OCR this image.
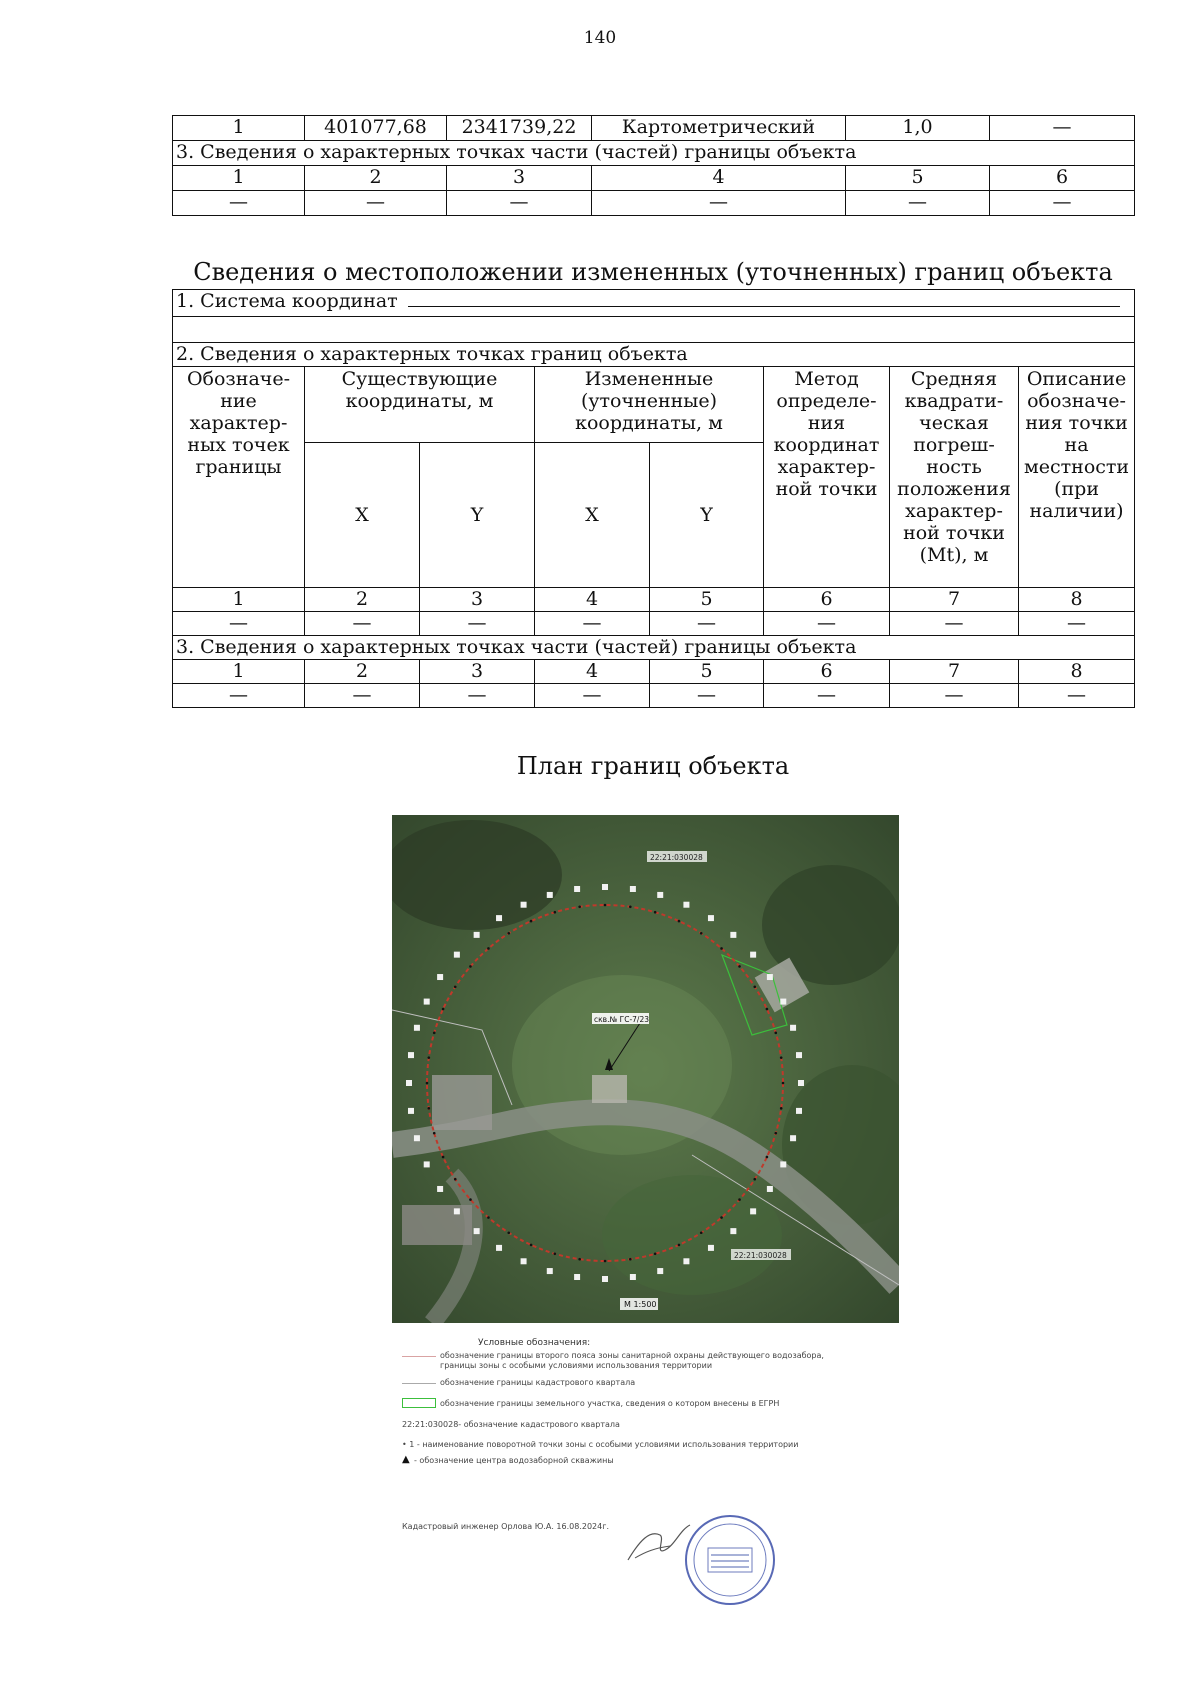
140
1	401077,68	2341739,22	Картометрический	1,0	—
3. Сведения о характерных точках части (частей) границы объекта					
1	2	3	4	5	6
—	—	—	—	—	—
Сведения о местоположении измененных (уточненных) границ объекта
1. Система координат							

2. Сведения о характерных точках границ объекта							
Обозначе-ние характер-ных точек границы	Существующие координаты, м		Измененные (уточненные) координаты, м		Метод определе-ния координат характер-ной точки	Средняя квадрати-ческая погреш-ность положения характер-ной точки (Mt), м	Описание обозначе-ния точки на местности (при наличии)
	X	Y	X	Y			
1	2	3	4	5	6	7	8
—	—	—	—	—	—	—	—
3. Сведения о характерных точках части (частей) границы объекта							
1	2	3	4	5	6	7	8
—	—	—	—	—	—	—	—
План границ объекта
скв.№ ГС-7/23
22:21:030028
22:21:030028
М 1:500
Условные обозначения:
обозначение границы второго пояса зоны санитарной охраны действующего водозабора, границы зоны с особыми условиями использования территории
обозначение границы кадастрового квартала
обозначение границы земельного участка, сведения о котором внесены в ЕГРН
22:21:030028- обозначение кадастрового квартала
• 1 - наименование поворотной точки зоны с особыми условиями использования территории
▲ - обозначение центра водозаборной скважины
Кадастровый инженер Орлова Ю.А. 16.08.2024г.
